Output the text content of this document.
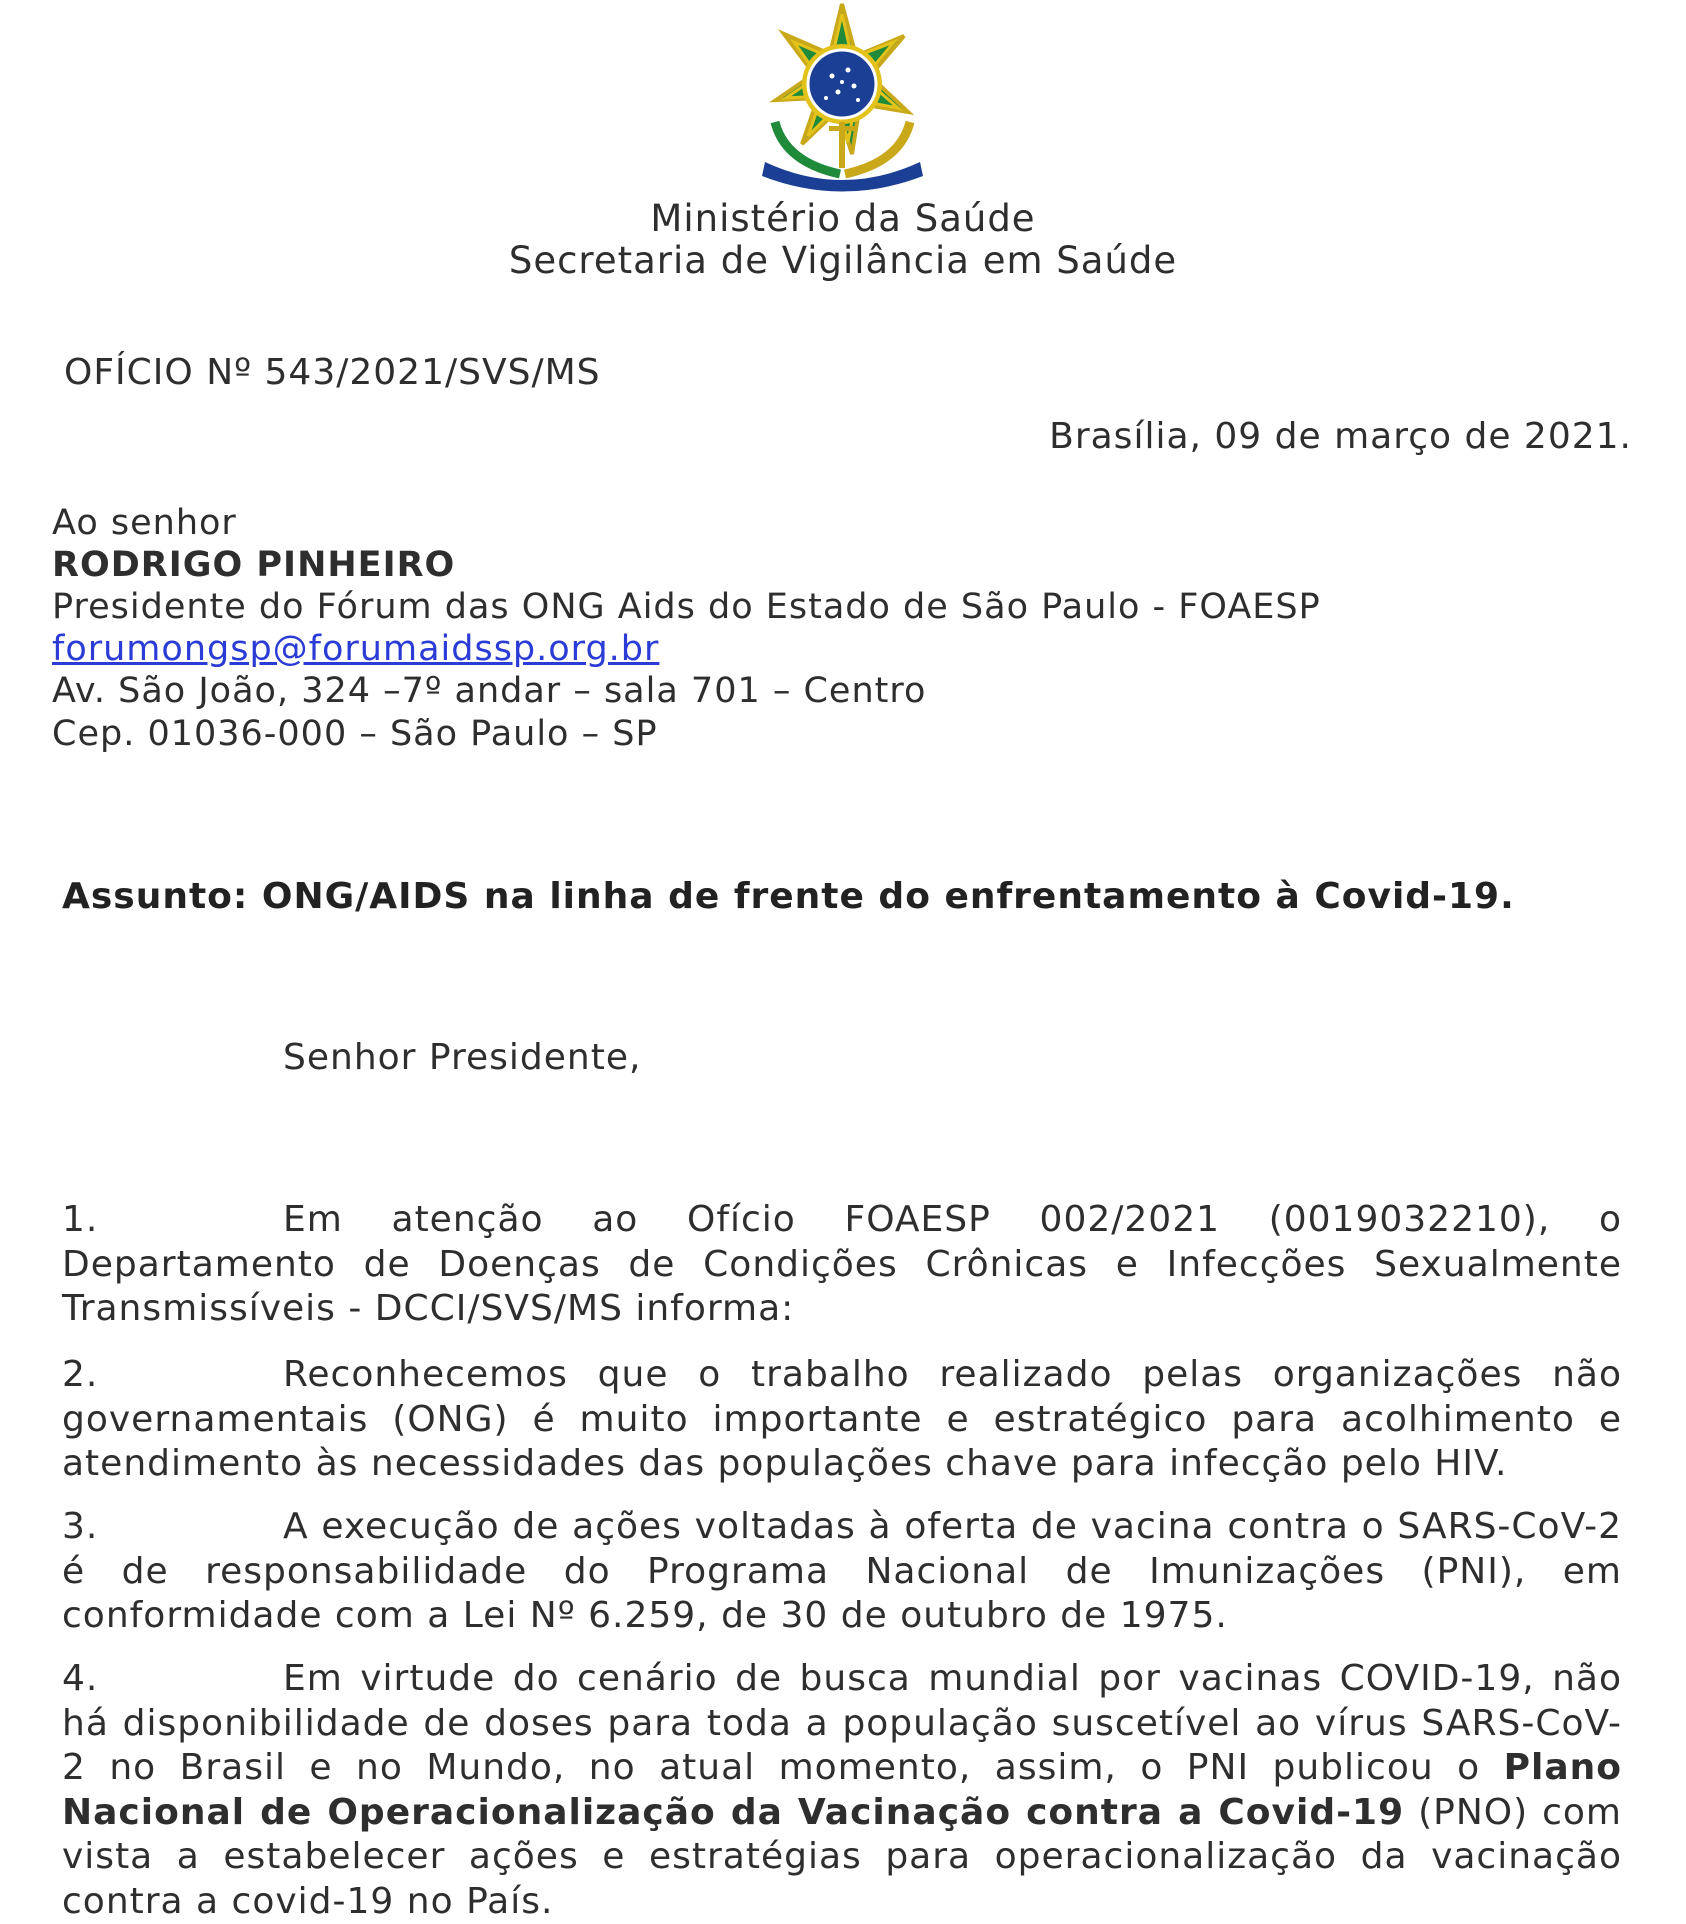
Ministério da Saúde
Secretaria de Vigilância em Saúde
OFÍCIO Nº 543/2021/SVS/MS
Brasília, 09 de março de 2021.
Ao senhor
RODRIGO PINHEIRO
Presidente do Fórum das ONG Aids do Estado de São Paulo - FOAESP
forumongsp@forumaidssp.org.br
Av. São João, 324 –7º andar – sala 701 – Centro
Cep. 01036-000 – São Paulo – SP
Assunto: ONG/AIDS na linha de frente do enfrentamento à Covid-19.
Senhor Presidente,
1.	Em atenção ao Ofício FOAESP 002/2021 (0019032210), o Departamento de Doenças de Condições Crônicas e Infecções Sexualmente Transmissíveis - DCCI/SVS/MS informa:
2.	Reconhecemos que o trabalho realizado pelas organizações não governamentais (ONG) é muito importante e estratégico para acolhimento e atendimento às necessidades das populações chave para infecção pelo HIV.
3.	A execução de ações voltadas à oferta de vacina contra o SARS-CoV-2 é de responsabilidade do Programa Nacional de Imunizações (PNI), em conformidade com a Lei Nº 6.259, de 30 de outubro de 1975.
4.	Em virtude do cenário de busca mundial por vacinas COVID-19, não há disponibilidade de doses para toda a população suscetível ao vírus SARS-CoV-2 no Brasil e no Mundo, no atual momento, assim, o PNI publicou o Plano Nacional de Operacionalização da Vacinação contra a Covid-19 (PNO) com vista a estabelecer ações e estratégias para operacionalização da vacinação contra a covid-19 no País.
